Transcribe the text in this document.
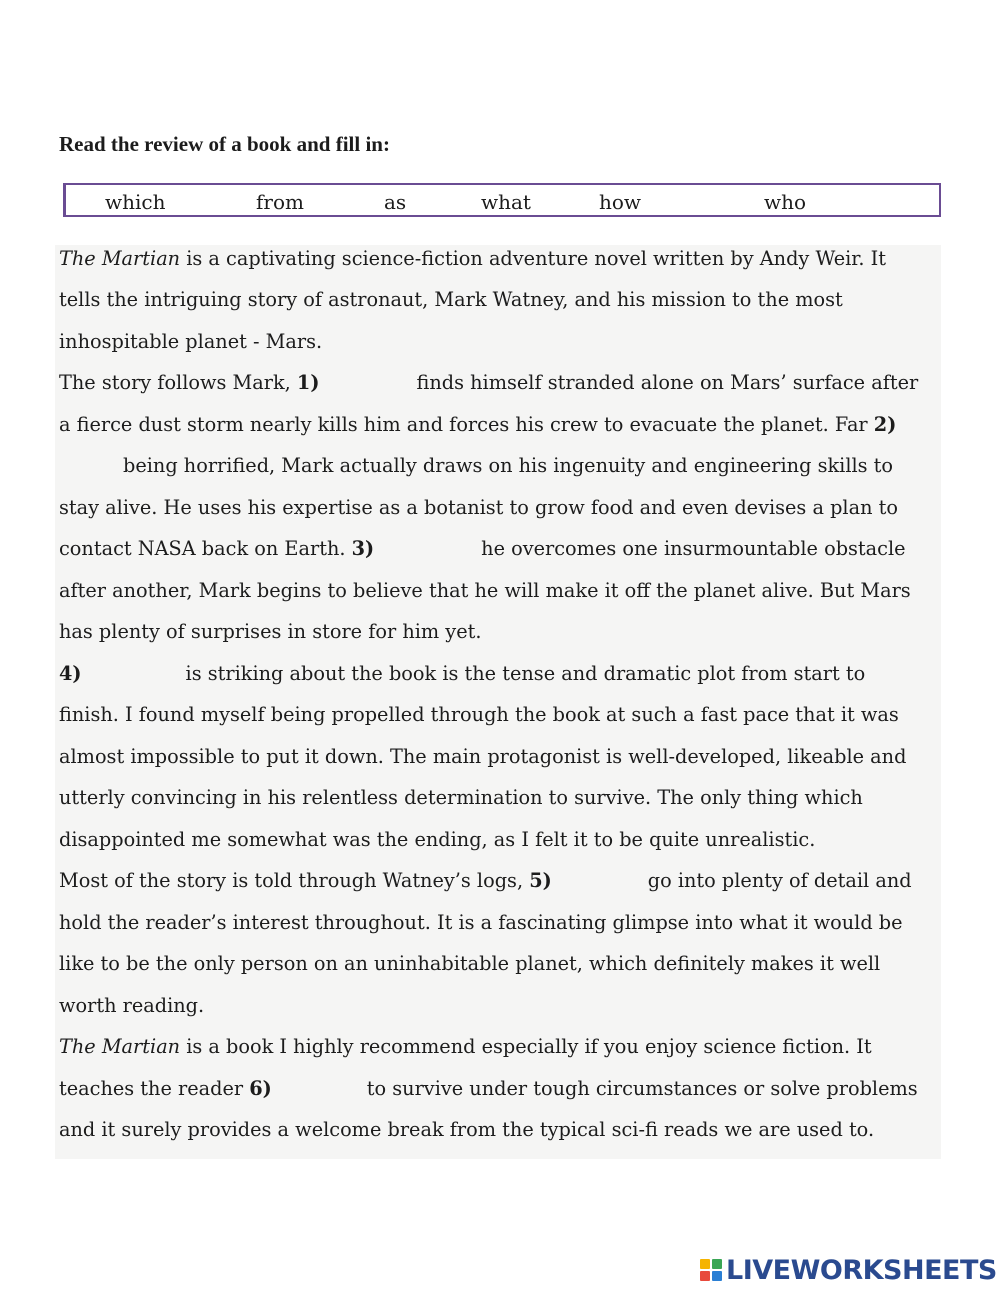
Read the review of a book and fill in:
which	from	as	what	how	who
The Martian is a captivating science-fiction adventure novel written by Andy Weir. It
tells the intriguing story of astronaut, Mark Watney, and his mission to the most
inhospitable planet - Mars.
The story follows Mark, 1)	finds himself stranded alone on Mars’ surface after
a fierce dust storm nearly kills him and forces his crew to evacuate the planet. Far 2)
being horrified, Mark actually draws on his ingenuity and engineering skills to
stay alive. He uses his expertise as a botanist to grow food and even devises a plan to
contact NASA back on Earth. 3)	he overcomes one insurmountable obstacle
after another, Mark begins to believe that he will make it off the planet alive. But Mars
has plenty of surprises in store for him yet.
4)	is striking about the book is the tense and dramatic plot from start to
finish. I found myself being propelled through the book at such a fast pace that it was
almost impossible to put it down. The main protagonist is well-developed, likeable and
utterly convincing in his relentless determination to survive. The only thing which
disappointed me somewhat was the ending, as I felt it to be quite unrealistic.
Most of the story is told through Watney’s logs, 5)	go into plenty of detail and
hold the reader’s interest throughout. It is a fascinating glimpse into what it would be
like to be the only person on an uninhabitable planet, which definitely makes it well
worth reading.
The Martian is a book I highly recommend especially if you enjoy science fiction. It
teaches the reader 6)	to survive under tough circumstances or solve problems
and it surely provides a welcome break from the typical sci-fi reads we are used to.
LIVEWORKSHEETS
